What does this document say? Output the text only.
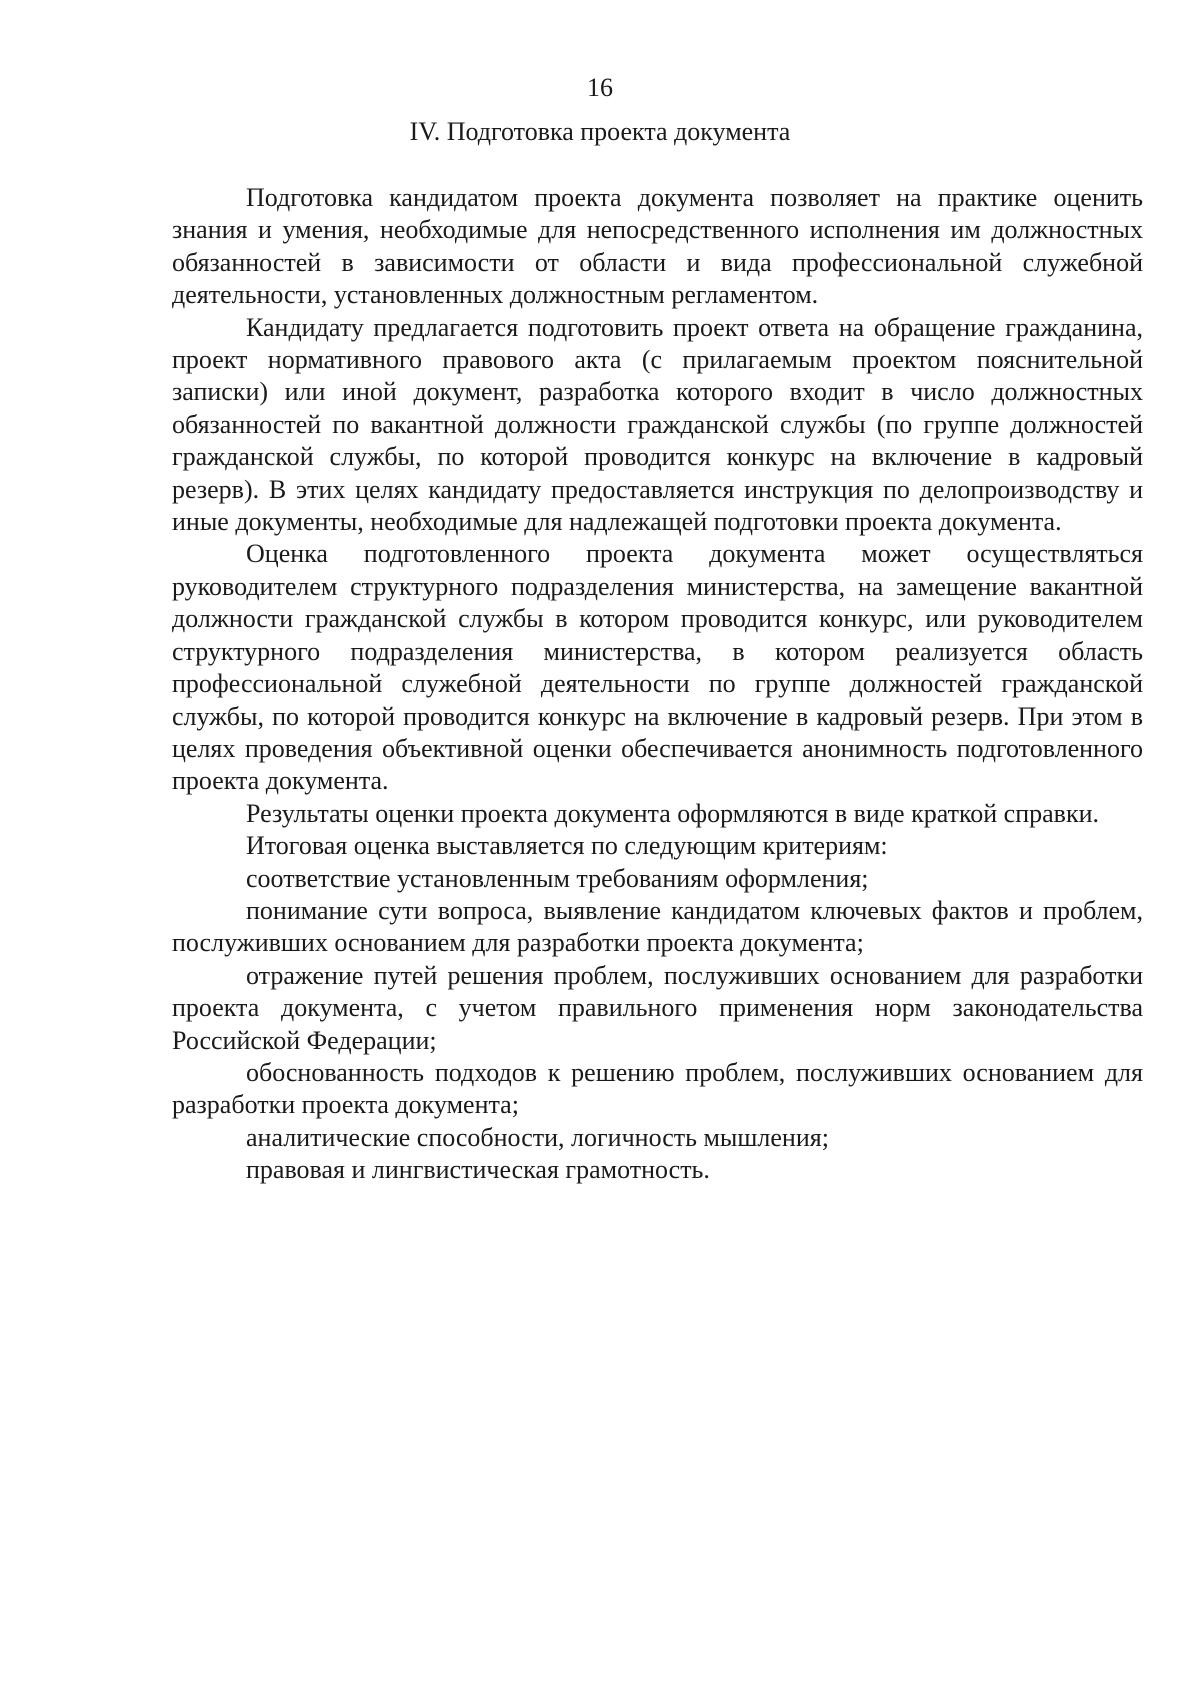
16
IV. Подготовка проекта документа

Подготовка кандидатом проекта документа позволяет на практике оценить знания и умения, необходимые для непосредственного исполнения им должностных обязанностей в зависимости от области и вида профессиональной служебной деятельности, установленных должностным регламентом.

Кандидату предлагается подготовить проект ответа на обращение гражданина, проект нормативного правового акта (с прилагаемым проектом пояснительной записки) или иной документ, разработка которого входит в число должностных обязанностей по вакантной должности гражданской службы (по группе должностей гражданской службы, по которой проводится конкурс на включение в кадровый резерв). В этих целях кандидату предоставляется инструкция по делопроизводству и иные документы, необходимые для надлежащей подготовки проекта документа.

Оценка подготовленного проекта документа может осуществляться руководителем структурного подразделения министерства, на замещение вакантной должности гражданской службы в котором проводится конкурс, или руководителем структурного подразделения министерства, в котором реализуется область профессиональной служебной деятельности по группе должностей гражданской службы, по которой проводится конкурс на включение в кадровый резерв. При этом в целях проведения объективной оценки обеспечивается анонимность подготовленного проекта документа.

Результаты оценки проекта документа оформляются в виде краткой справки.

Итоговая оценка выставляется по следующим критериям:

соответствие установленным требованиям оформления;

понимание сути вопроса, выявление кандидатом ключевых фактов и проблем, послуживших основанием для разработки проекта документа;

отражение путей решения проблем, послуживших основанием для разработки проекта документа, с учетом правильного применения норм законодательства Российской Федерации;

обоснованность подходов к решению проблем, послуживших основанием для разработки проекта документа;

аналитические способности, логичность мышления;

правовая и лингвистическая грамотность.
